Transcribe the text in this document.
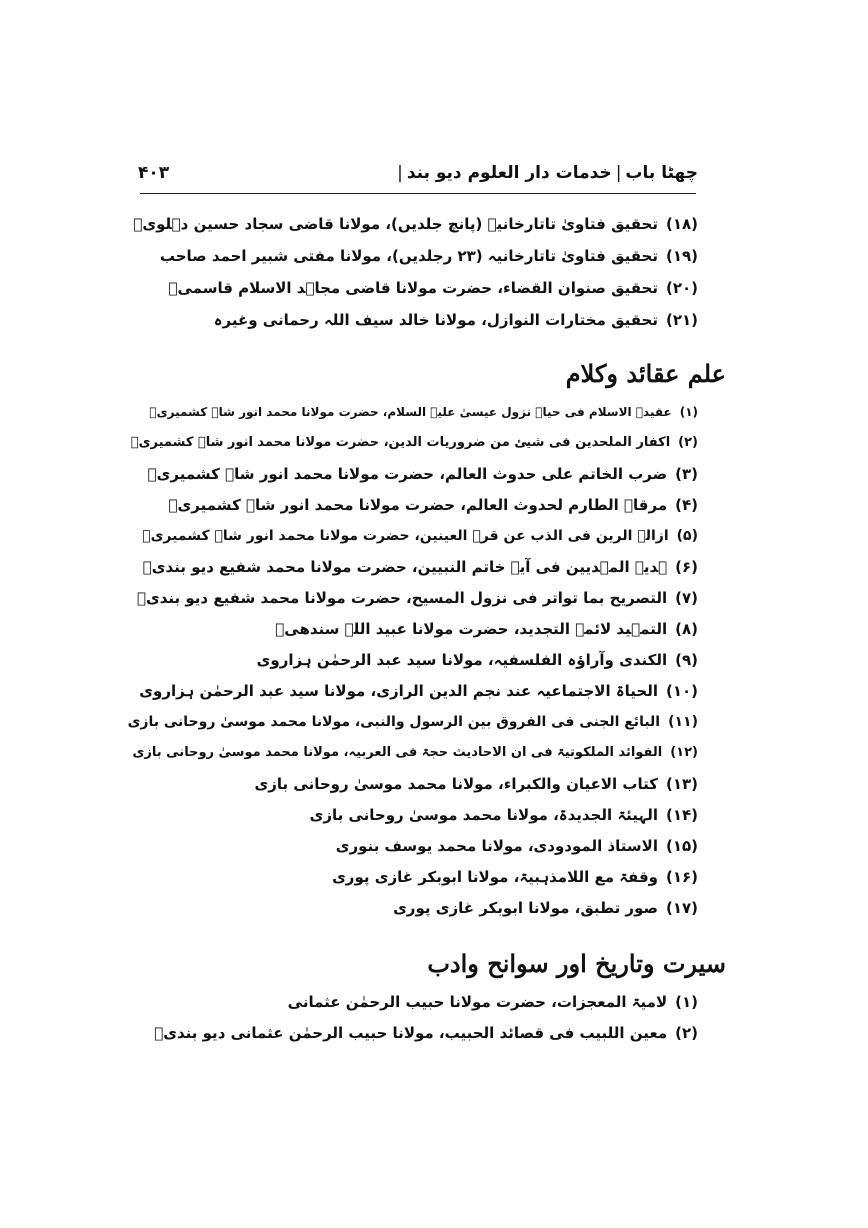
چھٹا باب|خدمات دار العلوم دیو بند|
۴۰۳
(۱۸)تحقیق فتاویٰ تاتارخانیہ (پانچ جلدیں)، مولانا قاضی سجاد حسین دہلویؒ
(۱۹)تحقیق فتاویٰ تاتارخانیہ (۲۳ رجلدیں)، مولانا مفتی شبیر احمد صاحب
(۲۰)تحقیق صنوان القضاء، حضرت مولانا قاضی مجاہد الاسلام قاسمیؒ
(۲۱)تحقیق مختارات النوازل، مولانا خالد سیف اللہ رحمانی وغیرہ
علم عقائد وکلام
(۱)عقیدۃ الاسلام فی حیاۃ نزول عیسیٰ علیہ السلام، حضرت مولانا محمد انور شاہ کشمیریؒ
(۲)اکفار الملحدین فی شیئ من ضروریات الدین، حضرت مولانا محمد انور شاہ کشمیریؒ
(۳)ضرب الخاتم علی حدوث العالم، حضرت مولانا محمد انور شاہ کشمیریؒ
(۴)مرقاۃ الطارم لحدوث العالم، حضرت مولانا محمد انور شاہ کشمیریؒ
(۵)ازالۃ الرین فی الذب عن قرۃ العینین، حضرت مولانا محمد انور شاہ کشمیریؒ
(۶)ہدیۃ المہدیین فی آیۃ خاتم النبیین، حضرت مولانا محمد شفیع دیو بندیؒ
(۷)التصریح بما تواتر فی نزول المسیح، حضرت مولانا محمد شفیع دیو بندیؒ
(۸)التمہید لائمۃ التجدید، حضرت مولانا عبید اللہ سندھیؒ
(۹)الکندی وآراؤہ الفلسفیہ، مولانا سید عبد الرحمٰن ہزاروی
(۱۰)الحیاۃ الاجتماعیہ عند نجم الدین الرازی، مولانا سید عبد الرحمٰن ہزاروی
(۱۱)البائع الجنی فی الفروق بین الرسول والنبی، مولانا محمد موسیٰ روحانی بازی
(۱۲)الفوائد الملکوتیۃ فی ان الاحادیث حجۃ فی العربیہ، مولانا محمد موسیٰ روحانی بازی
(۱۳)کتاب الاعیان والکبراء، مولانا محمد موسیٰ روحانی بازی
(۱۴)الہیئۃ الجدیدۃ، مولانا محمد موسیٰ روحانی بازی
(۱۵)الاستاذ المودودی، مولانا محمد یوسف بنوری
(۱۶)وقفۃ مع اللامذہبیۃ، مولانا ابوبکر غازی پوری
(۱۷)صور تطبق، مولانا ابوبکر غازی پوری
سیرت وتاریخ اور سوانح وادب
(۱)لامیۃ المعجزات، حضرت مولانا حبیب الرحمٰن عثمانی
(۲)معین اللبیب فی قصائد الحبیب، مولانا حبیب الرحمٰن عثمانی دیو بندیؒ
